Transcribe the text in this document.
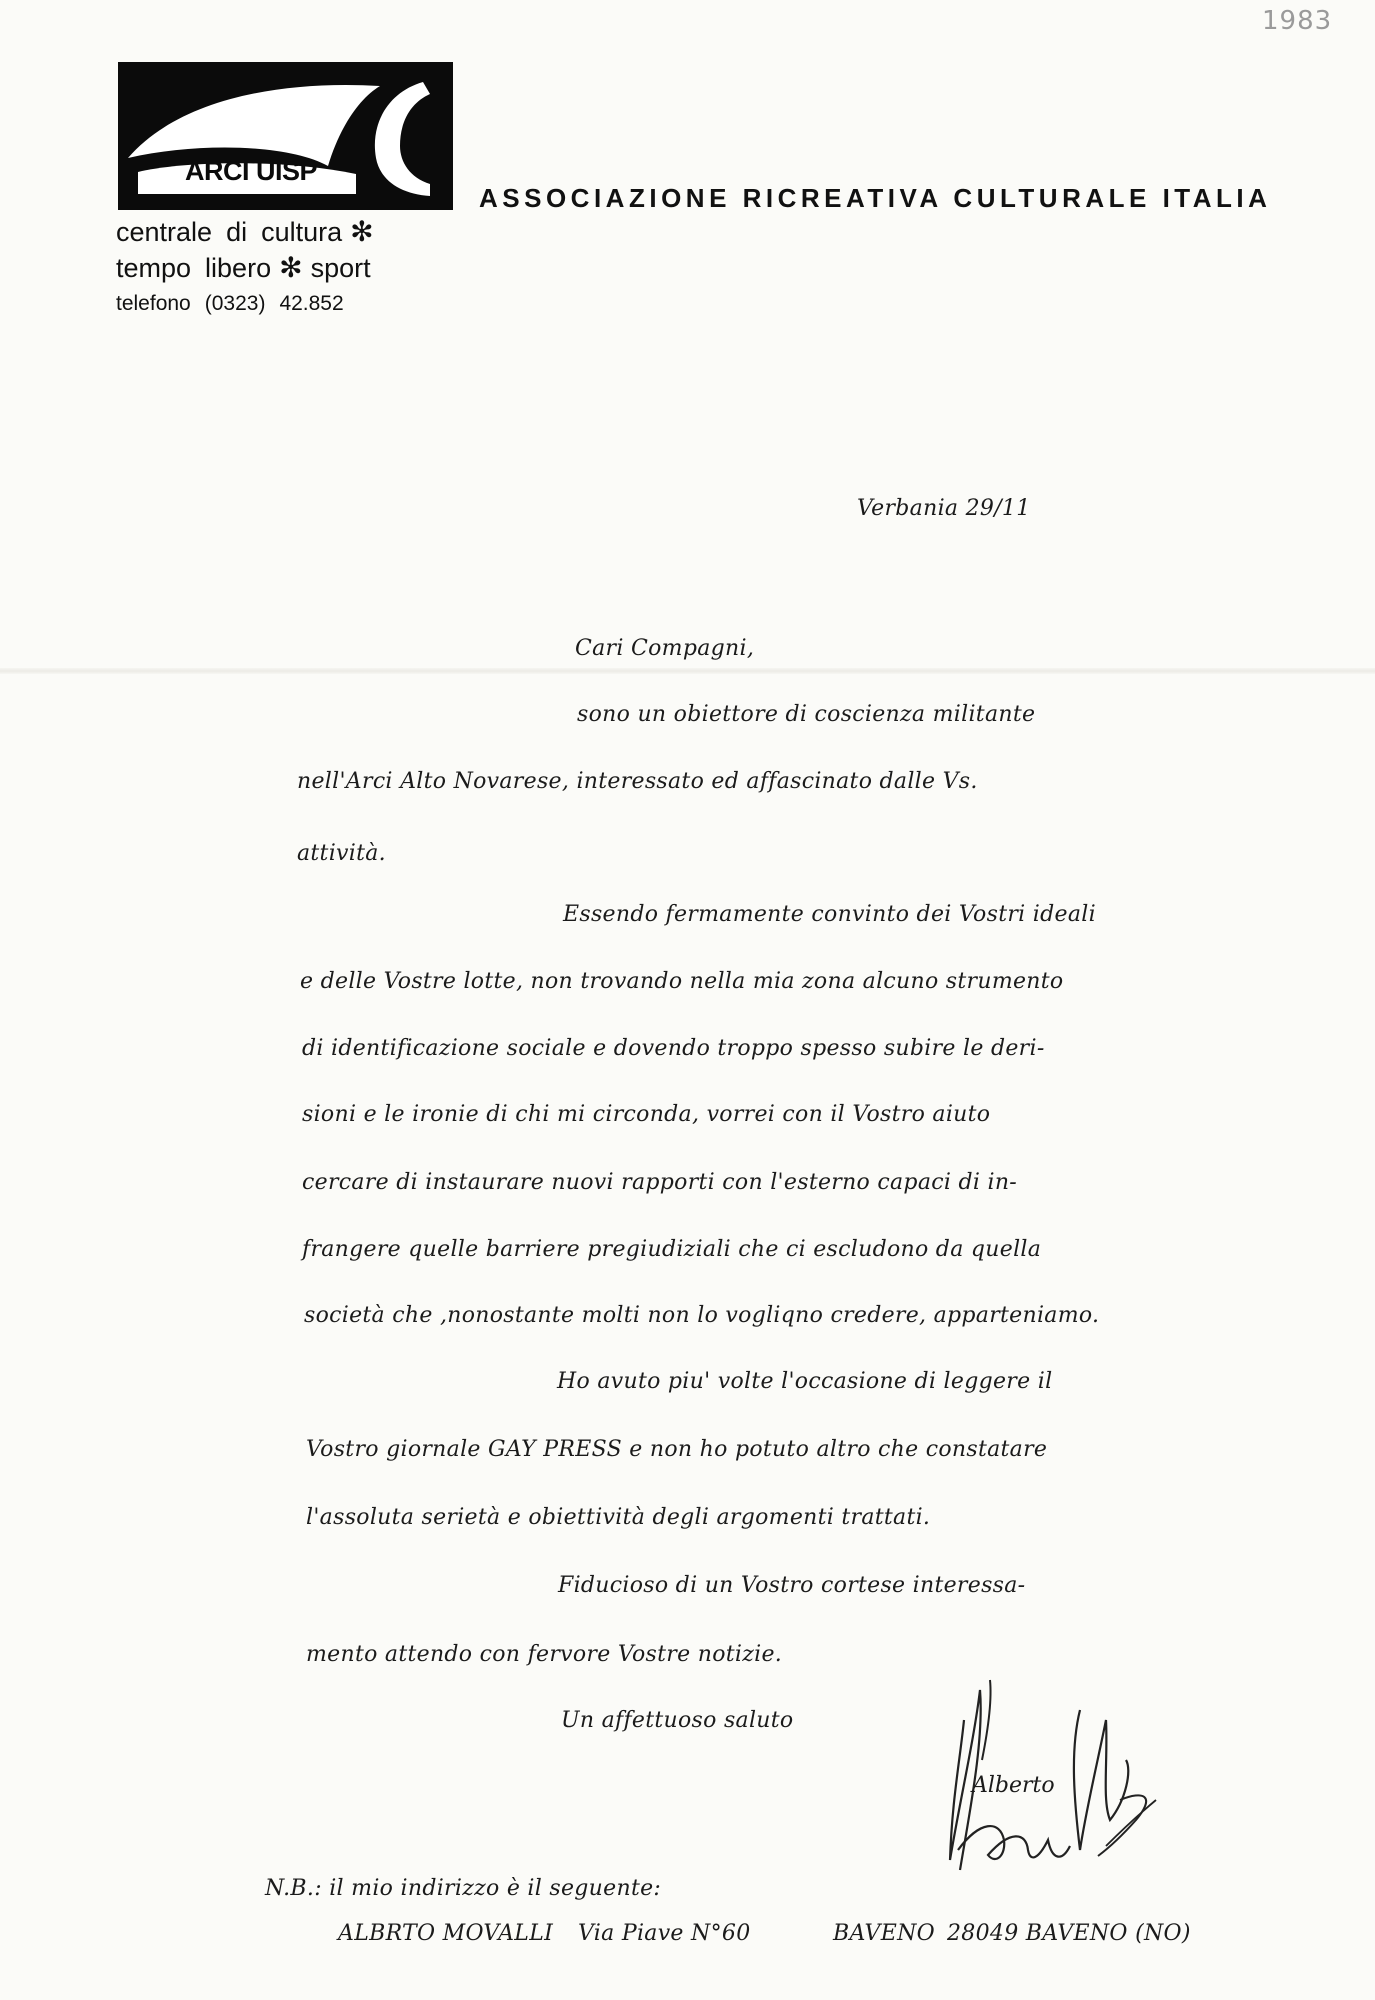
1983
ARCI UISP
centrale di cultura ✻
tempo libero ✻ sport
telefono (0323) 42.852
ASSOCIAZIONE RICREATIVA CULTURALE ITALIA
Verbania 29/11
Cari Compagni,
sono un obiettore di coscienza militante
nell'Arci Alto Novarese, interessato ed affascinato dalle Vs.
attività.
Essendo fermamente convinto dei Vostri ideali
e delle Vostre lotte, non trovando nella mia zona alcuno strumento
di identificazione sociale e dovendo troppo spesso subire le deri-
sioni e le ironie di chi mi circonda, vorrei con il Vostro aiuto
cercare di instaurare nuovi rapporti con l'esterno capaci di in-
frangere quelle barriere pregiudiziali che ci escludono da quella
società che ,nonostante molti non lo vogliqno credere, apparteniamo.
Ho avuto piu' volte l'occasione di leggere il
Vostro giornale GAY PRESS e non ho potuto altro che constatare
l'assoluta serietà e obiettività degli argomenti trattati.
Fiducioso di un Vostro cortese interessa-
mento attendo con fervore Vostre notizie.
Un affettuoso saluto
Alberto
N.B.: il mio indirizzo è il seguente:
ALBRTO MOVALLI Via Piave N°60	BAVENO 28049 BAVENO (NO)
